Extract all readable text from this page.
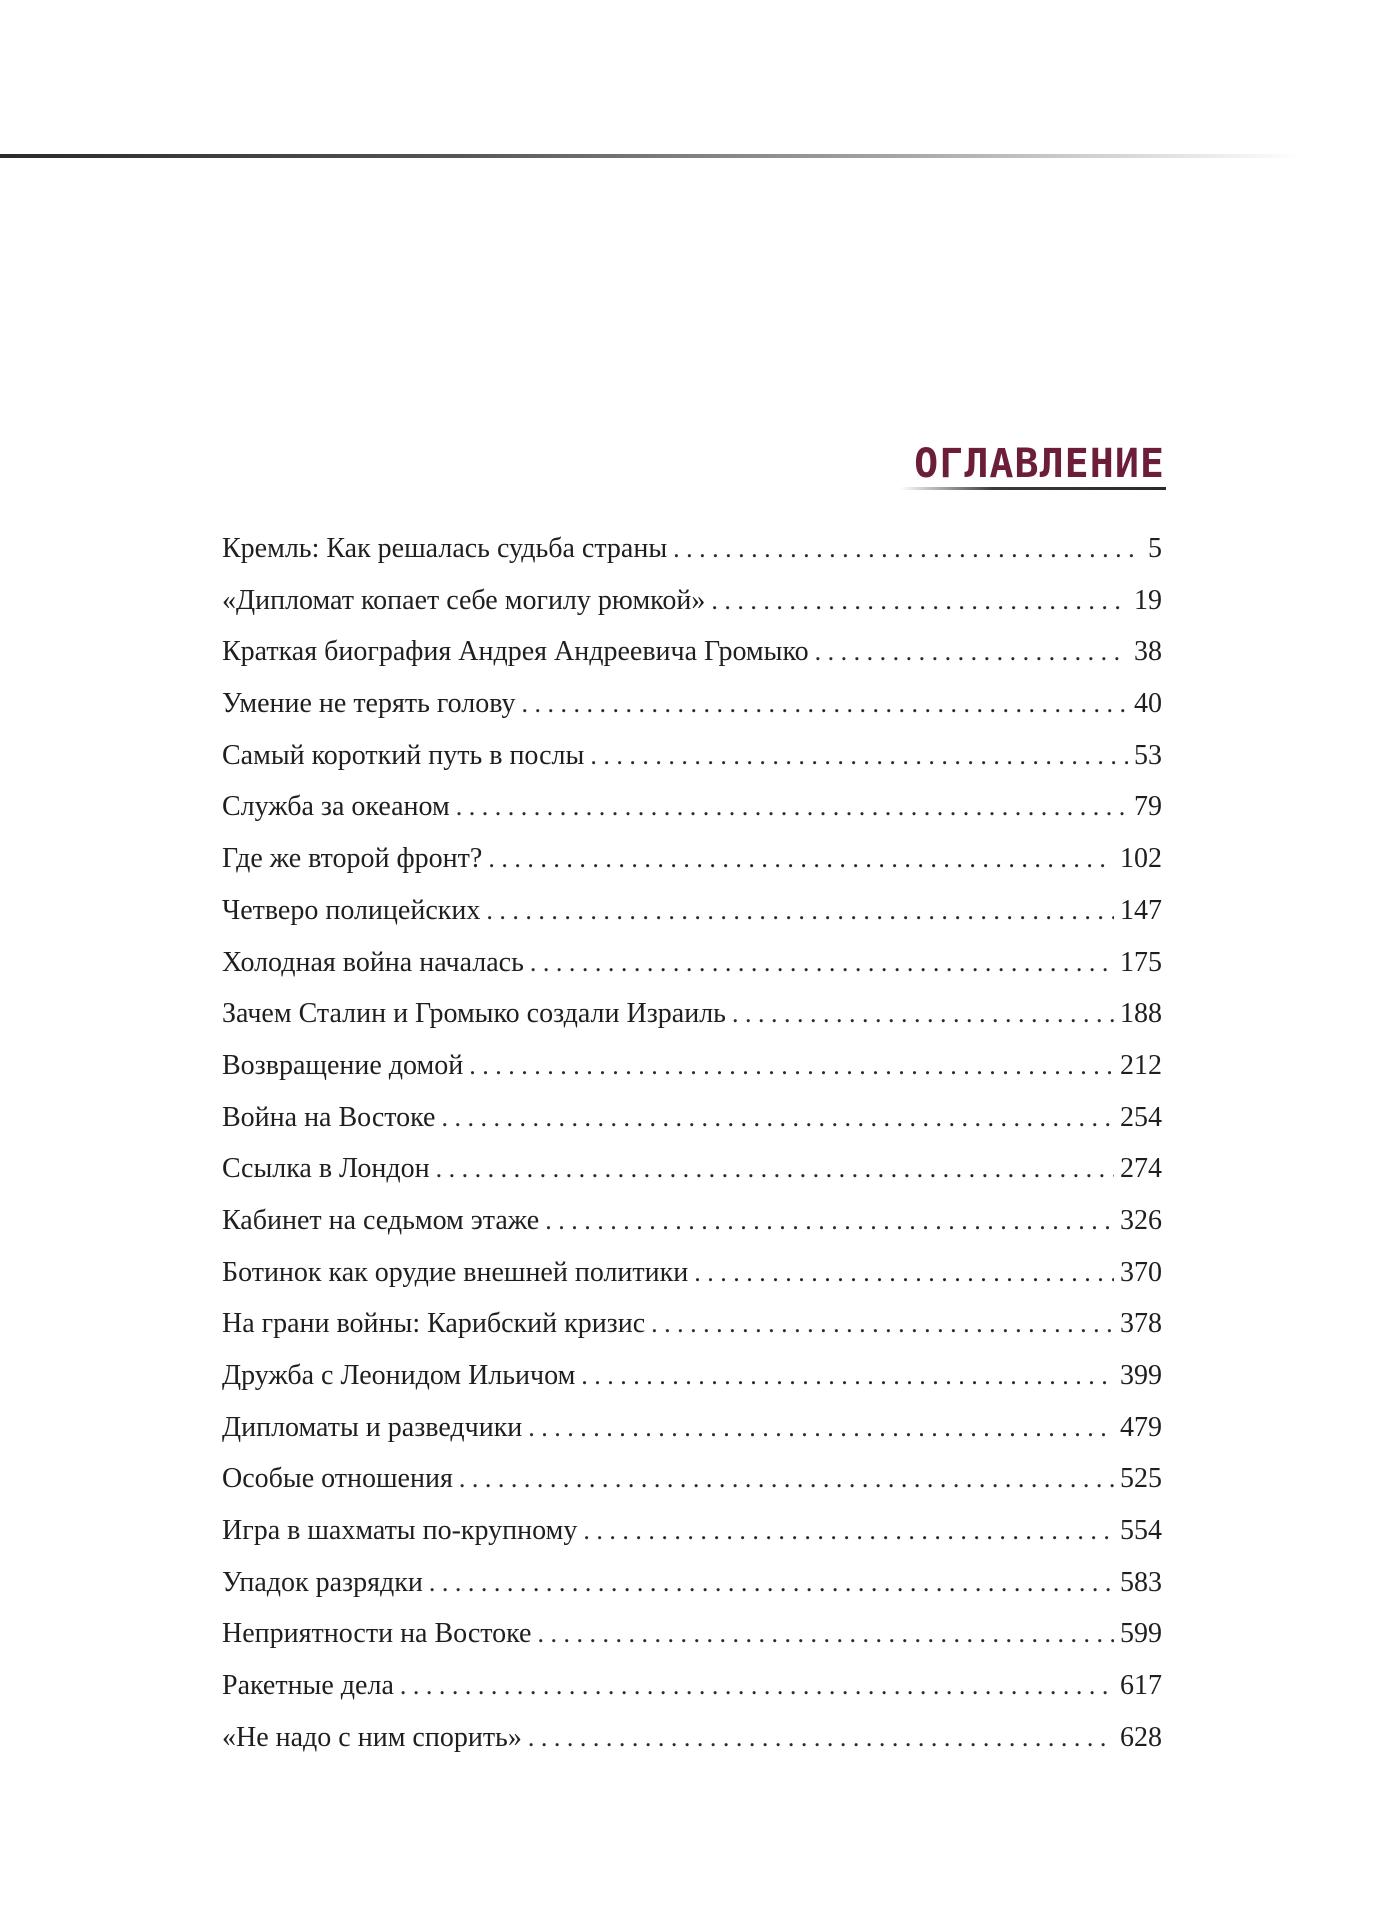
ОГЛАВЛЕНИЕ
Кремль: Как решалась судьба страны . . .	5
«Дипломат копает себе могилу рюмкой» . . .	19
Краткая биография Андрея Андреевича Громыко . . .	38
Умение не терять голову . . .	40
Самый короткий путь в послы . . .	53
Служба за океаном . . .	79
Где же второй фронт? . . .	102
Четверо полицейских . . .	147
Холодная война началась . . .	175
Зачем Сталин и Громыко создали Израиль . . .	188
Возвращение домой . . .	212
Война на Востоке . . .	254
Ссылка в Лондон . . .	274
Кабинет на седьмом этаже . . .	326
Ботинок как орудие внешней политики . . .	370
На грани войны: Карибский кризис . . .	378
Дружба с Леонидом Ильичом . . .	399
Дипломаты и разведчики . . .	479
Особые отношения . . .	525
Игра в шахматы по-крупному . . .	554
Упадок разрядки . . .	583
Неприятности на Востоке . . .	599
Ракетные дела . . .	617
«Не надо с ним спорить» . . .	628
